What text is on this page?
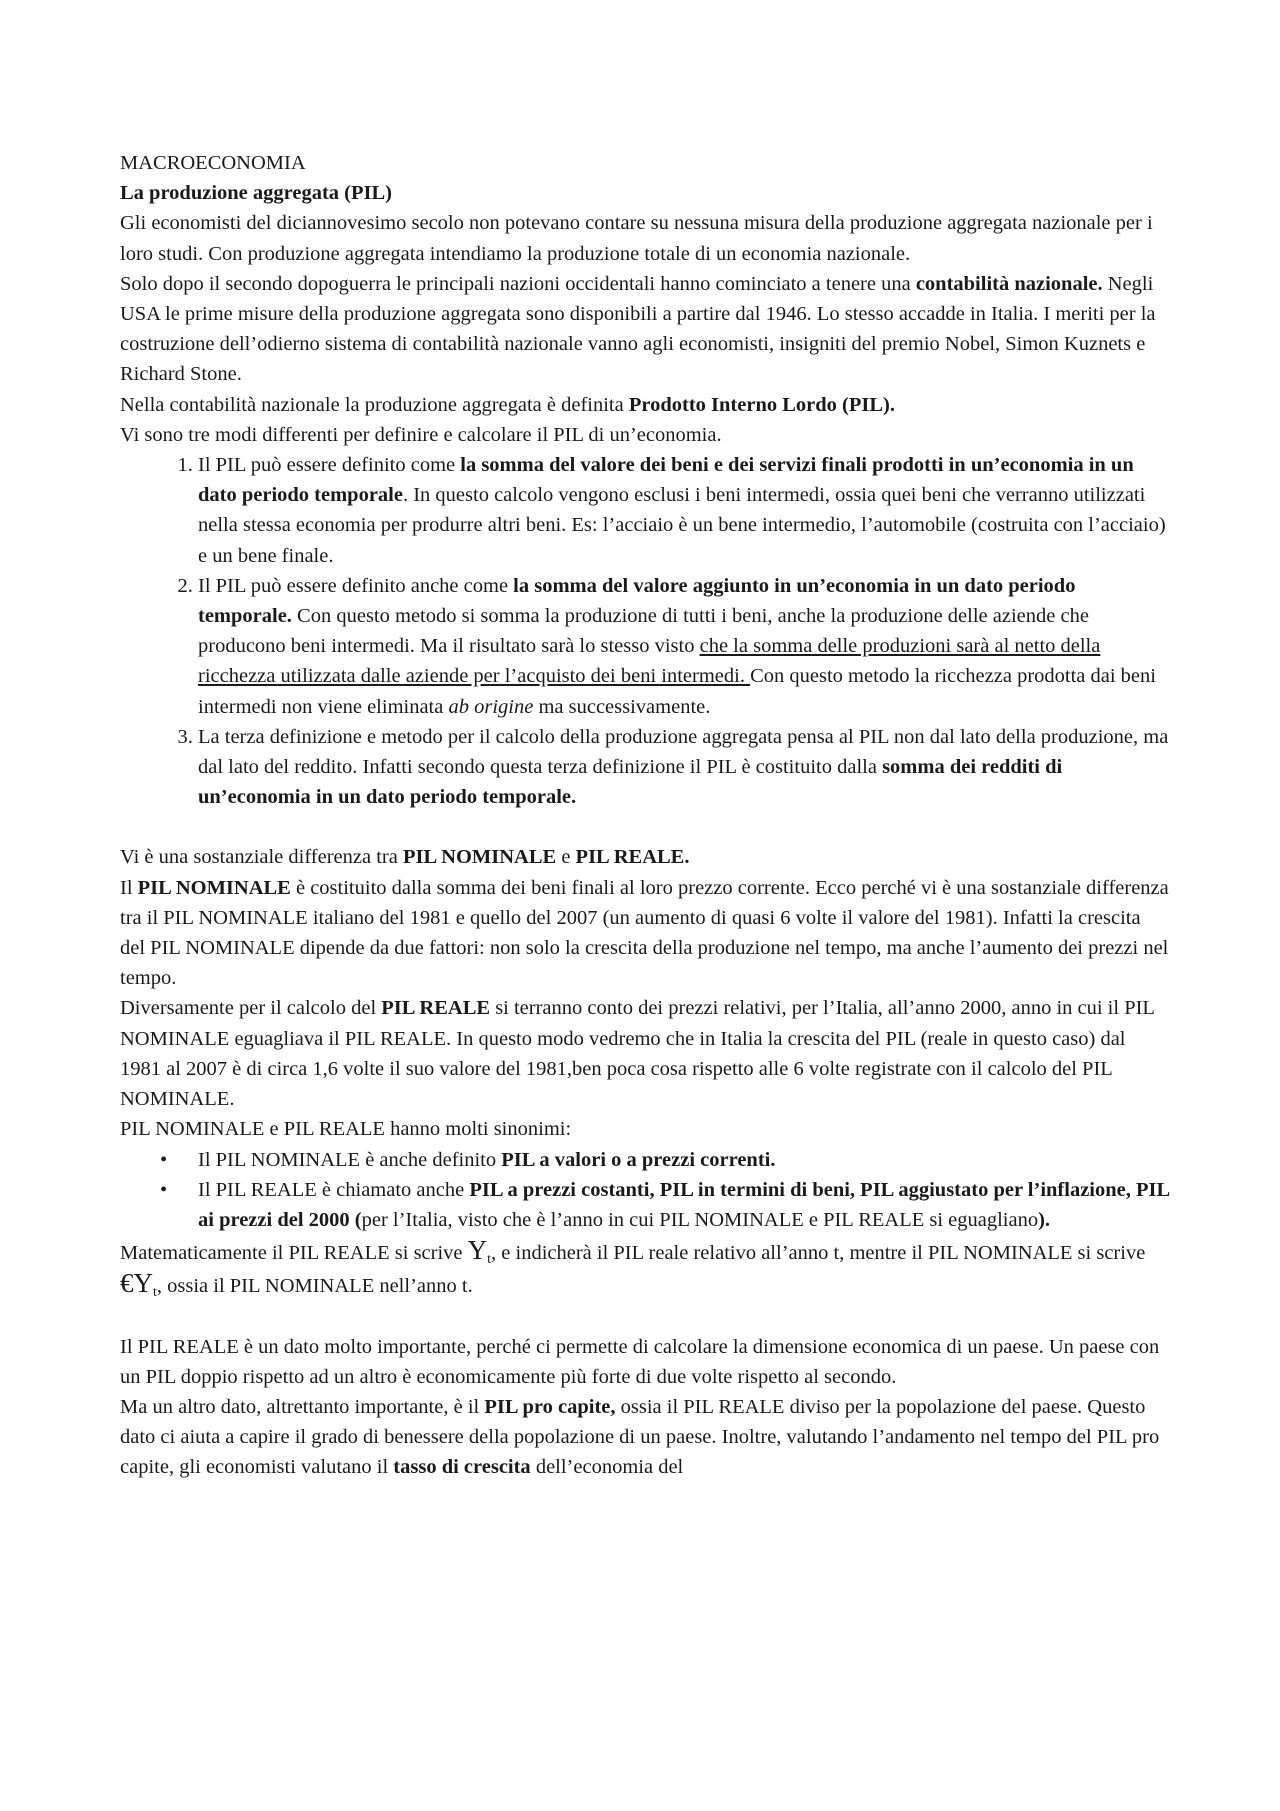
MACROECONOMIA

La produzione aggregata (PIL)

Gli economisti del diciannovesimo secolo non potevano contare su nessuna misura della produzione aggregata nazionale per i loro studi. Con produzione aggregata intendiamo la produzione totale di un economia nazionale.

Solo dopo il secondo dopoguerra le principali nazioni occidentali hanno cominciato a tenere una contabilità nazionale. Negli USA le prime misure della produzione aggregata sono disponibili a partire dal 1946. Lo stesso accadde in Italia. I meriti per la costruzione dell’odierno sistema di contabilità nazionale vanno agli economisti, insigniti del premio Nobel, Simon Kuznets e Richard Stone.

Nella contabilità nazionale la produzione aggregata è definita Prodotto Interno Lordo (PIL).

Vi sono tre modi differenti per definire e calcolare il PIL di un’economia.

1. Il PIL può essere definito come la somma del valore dei beni e dei servizi finali prodotti in un’economia in un dato periodo temporale. In questo calcolo vengono esclusi i beni intermedi, ossia quei beni che verranno utilizzati nella stessa economia per produrre altri beni. Es: l’acciaio è un bene intermedio, l’automobile (costruita con l’acciaio) e un bene finale.
2. Il PIL può essere definito anche come la somma del valore aggiunto in un’economia in un dato periodo temporale. Con questo metodo si somma la produzione di tutti i beni, anche la produzione delle aziende che producono beni intermedi. Ma il risultato sarà lo stesso visto che la somma delle produzioni sarà al netto della ricchezza utilizzata dalle aziende per l’acquisto dei beni intermedi. Con questo metodo la ricchezza prodotta dai beni intermedi non viene eliminata ab origine ma successivamente.
3. La terza definizione e metodo per il calcolo della produzione aggregata pensa al PIL non dal lato della produzione, ma dal lato del reddito. Infatti secondo questa terza definizione il PIL è costituito dalla somma dei redditi di un’economia in un dato periodo temporale.

Vi è una sostanziale differenza tra PIL NOMINALE e PIL REALE.

Il PIL NOMINALE è costituito dalla somma dei beni finali al loro prezzo corrente. Ecco perché vi è una sostanziale differenza tra il PIL NOMINALE italiano del 1981 e quello del 2007 (un aumento di quasi 6 volte il valore del 1981). Infatti la crescita del PIL NOMINALE dipende da due fattori: non solo la crescita della produzione nel tempo, ma anche l’aumento dei prezzi nel tempo.

Diversamente per il calcolo del PIL REALE si terranno conto dei prezzi relativi, per l’Italia, all’anno 2000, anno in cui il PIL NOMINALE eguagliava il PIL REALE. In questo modo vedremo che in Italia la crescita del PIL (reale in questo caso) dal 1981 al 2007 è di circa 1,6 volte il suo valore del 1981,ben poca cosa rispetto alle 6 volte registrate con il calcolo del PIL NOMINALE.

PIL NOMINALE e PIL REALE hanno molti sinonimi:

• Il PIL NOMINALE è anche definito PIL a valori o a prezzi correnti.
• Il PIL REALE è chiamato anche PIL a prezzi costanti, PIL in termini di beni, PIL aggiustato per l’inflazione, PIL ai prezzi del 2000 (per l’Italia, visto che è l’anno in cui PIL NOMINALE e PIL REALE si eguagliano).

Matematicamente il PIL REALE si scrive $Y_t$, e indicherà il PIL reale relativo all’anno t, mentre il PIL NOMINALE si scrive $€Y_t$, ossia il PIL NOMINALE nell’anno t.

Il PIL REALE è un dato molto importante, perché ci permette di calcolare la dimensione economica di un paese. Un paese con un PIL doppio rispetto ad un altro è economicamente più forte di due volte rispetto al secondo.

Ma un altro dato, altrettanto importante, è il PIL pro capite, ossia il PIL REALE diviso per la popolazione del paese. Questo dato ci aiuta a capire il grado di benessere della popolazione di un paese. Inoltre, valutando l’andamento nel tempo del PIL pro capite, gli economisti valutano il tasso di crescita dell’economia del
